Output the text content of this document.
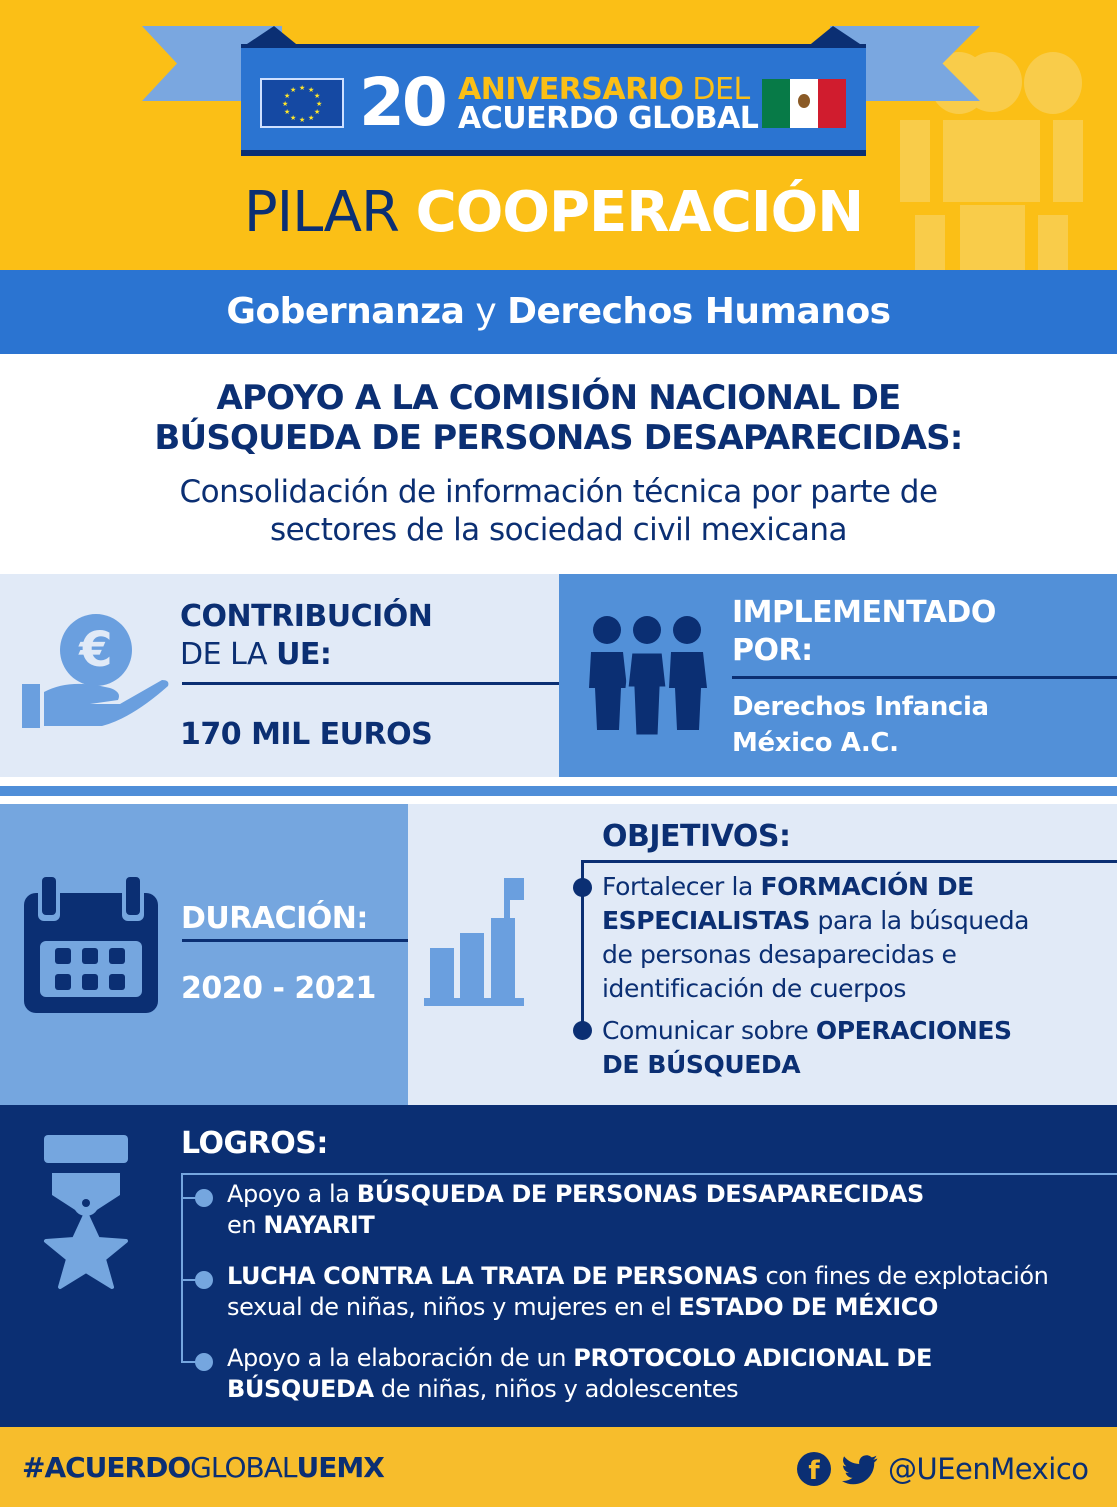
★ ★
★
★
★
★
★
★
★
★
★
★ 20 ANIVERSARIO DEL
ACUERDO GLOBAL
PILAR COOPERACIÓN
Gobernanza y Derechos Humanos
APOYO A LA COMISIÓN NACIONAL DE
BÚSQUEDA DE PERSONAS DESAPARECIDAS:
Consolidación de información técnica por parte de
sectores de la sociedad civil mexicana
€
CONTRIBUCIÓN
DE LA UE:
170 MIL EUROS
IMPLEMENTADO
POR:
Derechos Infancia
México A.C.
DURACIÓN:
2020 - 2021
OBJETIVOS:
Fortalecer la FORMACIÓN DE
ESPECIALISTAS para la búsqueda
de personas desaparecidas e
identificación de cuerpos
Comunicar sobre OPERACIONES
DE BÚSQUEDA
LOGROS:
Apoyo a la BÚSQUEDA DE PERSONAS DESAPARECIDAS
en NAYARIT
LUCHA CONTRA LA TRATA DE PERSONAS con fines de explotación
sexual de niñas, niños y mujeres en el ESTADO DE MÉXICO
Apoyo a la elaboración de un PROTOCOLO ADICIONAL DE
BÚSQUEDA de niñas, niños y adolescentes
#ACUERDOGLOBALUEMX	f	@UEenMexico
